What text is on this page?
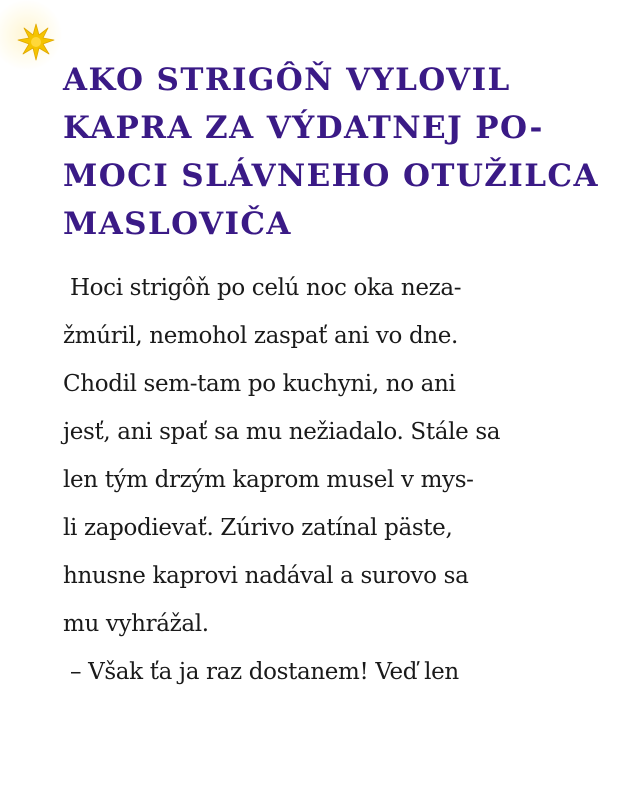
AKO STRIGÔŇ VYLOVIL
KAPRA ZA VÝDATNEJ PO-
MOCI SLÁVNEHO OTUŽILCA
MASLOVIČA
Hoci strigôň po celú noc oka neza-
žmúril, nemohol zaspať ani vo dne.
Chodil sem-tam po kuchyni, no ani
jesť, ani spať sa mu nežiadalo. Stále sa
len tým drzým kaprom musel v mys-
li zapodievať. Zúrivo zatínal päste,
hnusne kaprovi nadával a surovo sa
mu vyhrážal.
– Však ťa ja raz dostanem! Veď len
